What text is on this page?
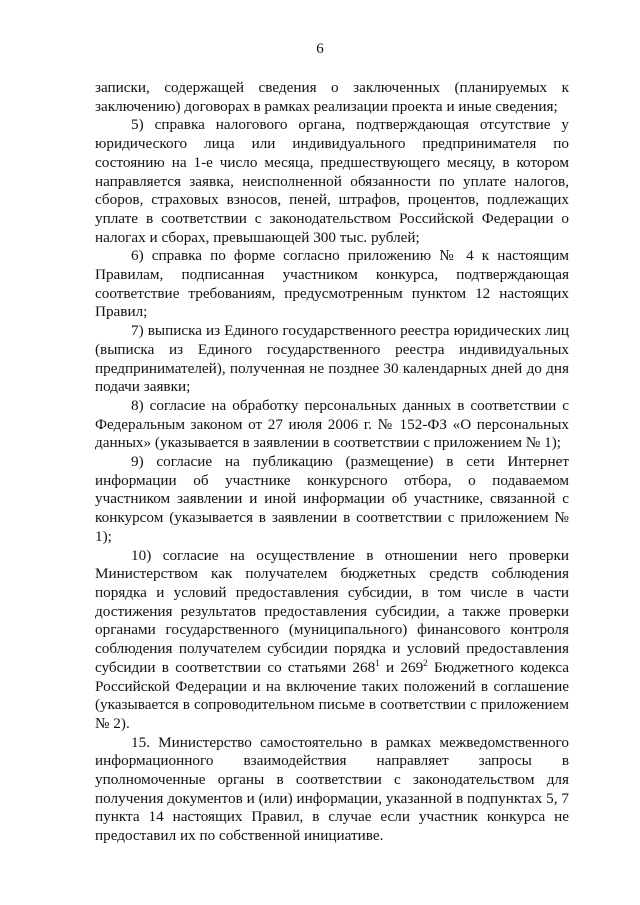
6

записки, содержащей сведения о заключенных (планируемых к заключению) договорах в рамках реализации проекта и иные сведения;

5) справка налогового органа, подтверждающая отсутствие у юридического лица или индивидуального предпринимателя по состоянию на 1-е число месяца, предшествующего месяцу, в котором направляется заявка, неисполненной обязанности по уплате налогов, сборов, страховых взносов, пеней, штрафов, процентов, подлежащих уплате в соответствии с законодательством Российской Федерации о налогах и сборах, превышающей 300 тыс. рублей;

6) справка по форме согласно приложению № 4 к настоящим Правилам, подписанная участником конкурса, подтверждающая соответствие требованиям, предусмотренным пунктом 12 настоящих Правил;

7) выписка из Единого государственного реестра юридических лиц (выписка из Единого государственного реестра индивидуальных предпринимателей), полученная не позднее 30 календарных дней до дня подачи заявки;

8) согласие на обработку персональных данных в соответствии с Федеральным законом от 27 июля 2006 г. № 152-ФЗ «О персональных данных» (указывается в заявлении в соответствии с приложением № 1);

9) согласие на публикацию (размещение) в сети Интернет информации об участнике конкурсного отбора, о подаваемом участником заявлении и иной информации об участнике, связанной с конкурсом (указывается в заявлении в соответствии с приложением № 1);

10) согласие на осуществление в отношении него проверки Министерством как получателем бюджетных средств соблюдения порядка и условий предоставления субсидии, в том числе в части достижения результатов предоставления субсидии, а также проверки органами государственного (муниципального) финансового контроля соблюдения получателем субсидии порядка и условий предоставления субсидии в соответствии со статьями $268^1$ и $269^2$ Бюджетного кодекса Российской Федерации и на включение таких положений в соглашение (указывается в сопроводительном письме в соответствии с приложением № 2).

15. Министерство самостоятельно в рамках межведомственного информационного взаимодействия направляет запросы в уполномоченные органы в соответствии с законодательством для получения документов и (или) информации, указанной в подпунктах 5, 7 пункта 14 настоящих Правил, в случае если участник конкурса не предоставил их по собственной инициативе.
